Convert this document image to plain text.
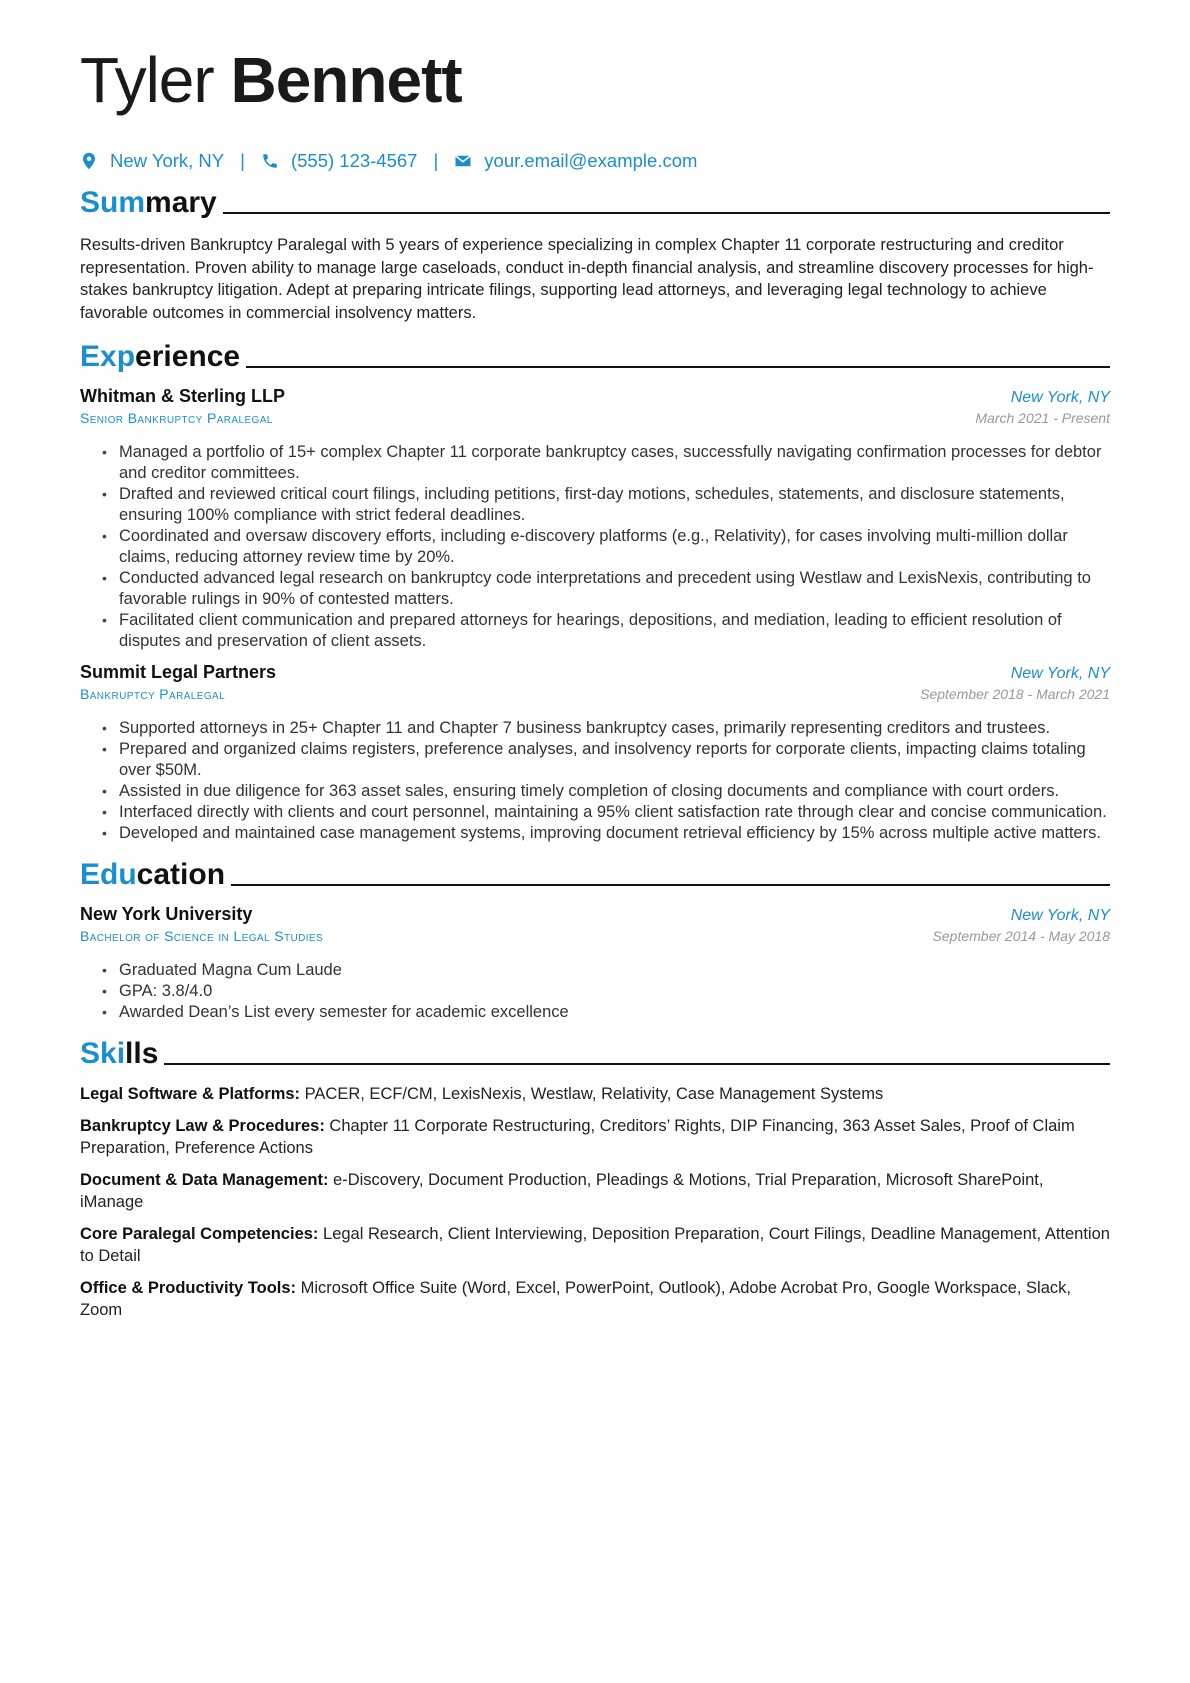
Tyler Bennett
New York, NY | (555) 123-4567 | your.email@example.com
Summary
Results-driven Bankruptcy Paralegal with 5 years of experience specializing in complex Chapter 11 corporate restructuring and creditor representation. Proven ability to manage large caseloads, conduct in-depth financial analysis, and streamline discovery processes for high-stakes bankruptcy litigation. Adept at preparing intricate filings, supporting lead attorneys, and leveraging legal technology to achieve favorable outcomes in commercial insolvency matters.
Experience
Whitman & Sterling LLP	New York, NY
Senior Bankruptcy Paralegal	March 2021 - Present
• Managed a portfolio of 15+ complex Chapter 11 corporate bankruptcy cases, successfully navigating confirmation processes for debtor and creditor committees.
• Drafted and reviewed critical court filings, including petitions, first-day motions, schedules, statements, and disclosure statements, ensuring 100% compliance with strict federal deadlines.
• Coordinated and oversaw discovery efforts, including e-discovery platforms (e.g., Relativity), for cases involving multi-million dollar claims, reducing attorney review time by 20%.
• Conducted advanced legal research on bankruptcy code interpretations and precedent using Westlaw and LexisNexis, contributing to favorable rulings in 90% of contested matters.
• Facilitated client communication and prepared attorneys for hearings, depositions, and mediation, leading to efficient resolution of disputes and preservation of client assets.
Summit Legal Partners	New York, NY
Bankruptcy Paralegal	September 2018 - March 2021
• Supported attorneys in 25+ Chapter 11 and Chapter 7 business bankruptcy cases, primarily representing creditors and trustees.
• Prepared and organized claims registers, preference analyses, and insolvency reports for corporate clients, impacting claims totaling over $50M.
• Assisted in due diligence for 363 asset sales, ensuring timely completion of closing documents and compliance with court orders.
• Interfaced directly with clients and court personnel, maintaining a 95% client satisfaction rate through clear and concise communication.
• Developed and maintained case management systems, improving document retrieval efficiency by 15% across multiple active matters.
Education
New York University	New York, NY
Bachelor of Science in Legal Studies	September 2014 - May 2018
• Graduated Magna Cum Laude
• GPA: 3.8/4.0
• Awarded Dean’s List every semester for academic excellence
Skills
Legal Software & Platforms: PACER, ECF/CM, LexisNexis, Westlaw, Relativity, Case Management Systems
Bankruptcy Law & Procedures: Chapter 11 Corporate Restructuring, Creditors’ Rights, DIP Financing, 363 Asset Sales, Proof of Claim Preparation, Preference Actions
Document & Data Management: e-Discovery, Document Production, Pleadings & Motions, Trial Preparation, Microsoft SharePoint, iManage
Core Paralegal Competencies: Legal Research, Client Interviewing, Deposition Preparation, Court Filings, Deadline Management, Attention to Detail
Office & Productivity Tools: Microsoft Office Suite (Word, Excel, PowerPoint, Outlook), Adobe Acrobat Pro, Google Workspace, Slack, Zoom
